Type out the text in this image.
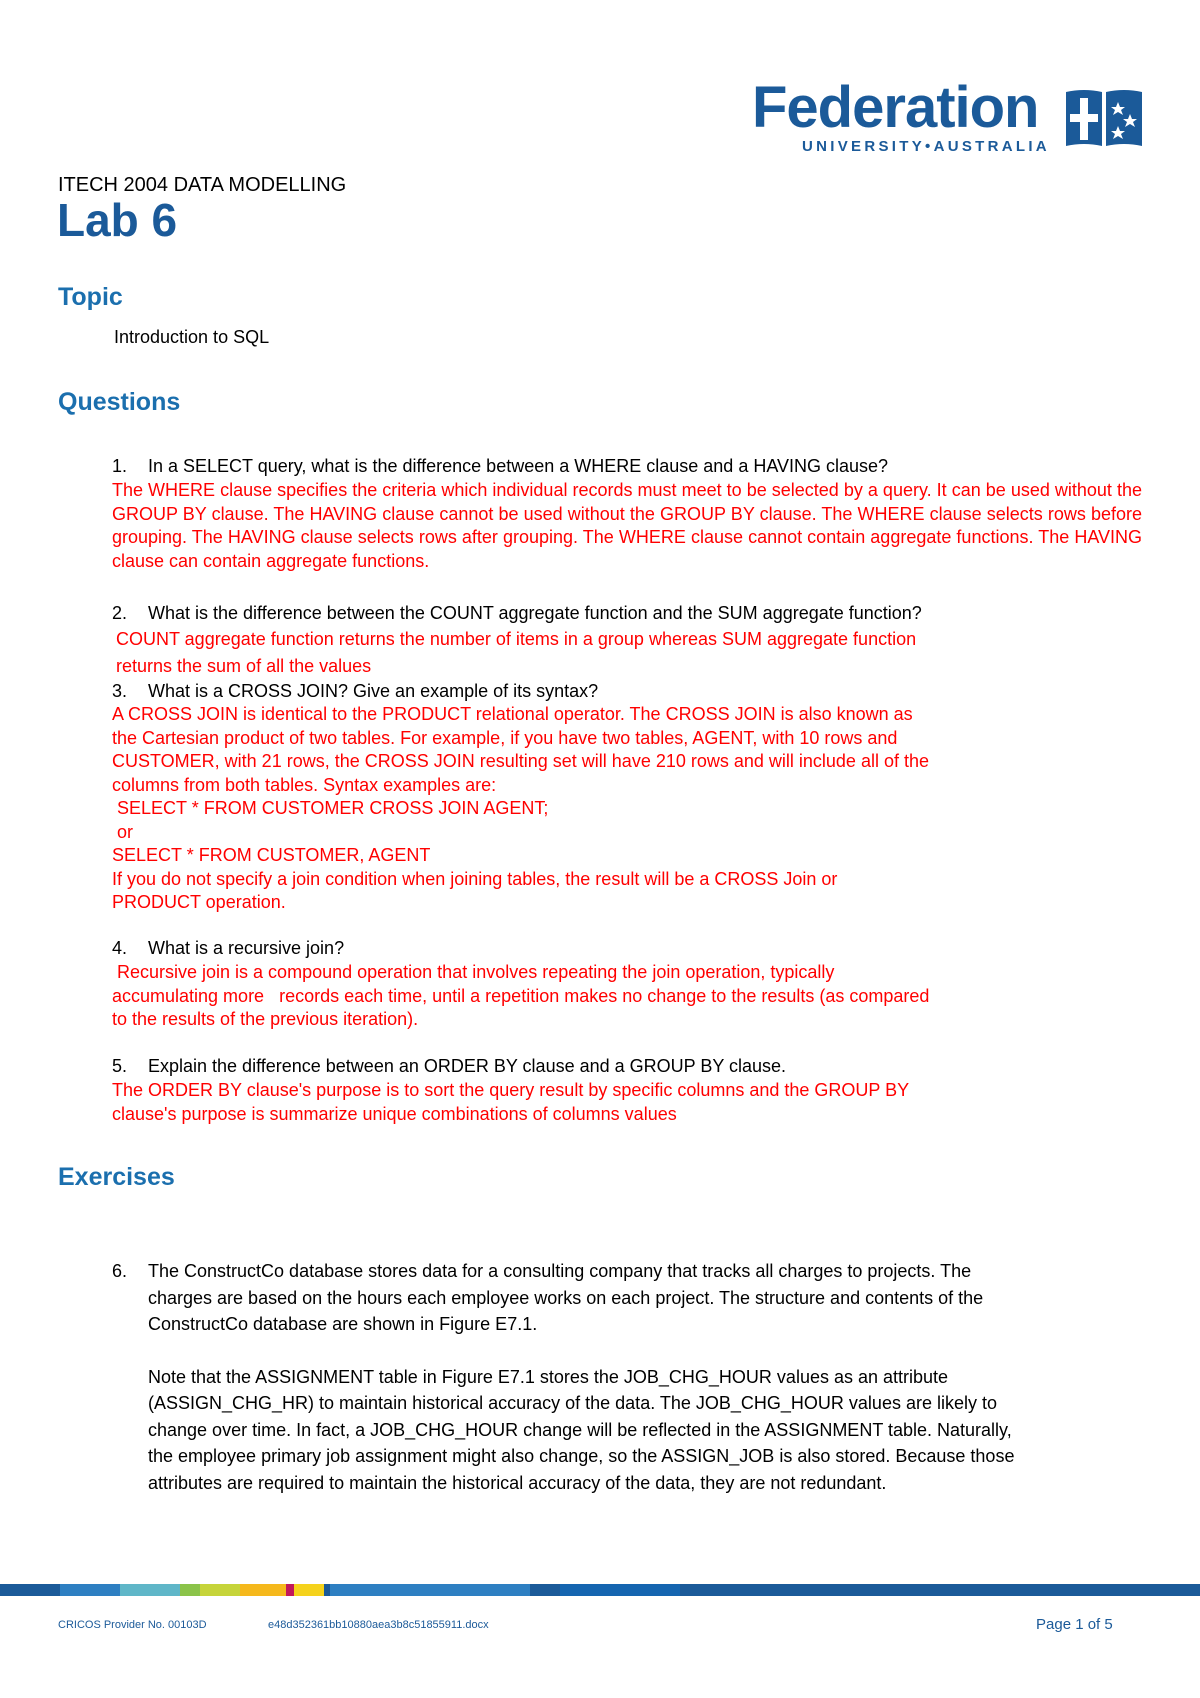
Federation
UNIVERSITY•AUSTRALIA
ITECH 2004 DATA MODELLING
Lab 6
Topic
Introduction to SQL
Questions
1. In a SELECT query, what is the difference between a WHERE clause and a HAVING clause?

The WHERE clause specifies the criteria which individual records must meet to be selected by a query. It can be used without the GROUP BY clause. The HAVING clause cannot be used without the GROUP BY clause. The WHERE clause selects rows before grouping. The HAVING clause selects rows after grouping. The WHERE clause cannot contain aggregate functions. The HAVING clause can contain aggregate functions.

2. What is the difference between the COUNT aggregate function and the SUM aggregate function?

COUNT aggregate function returns the number of items in a group whereas SUM aggregate function

returns the sum of all the values

3. What is a CROSS JOIN? Give an example of its syntax?

A CROSS JOIN is identical to the PRODUCT relational operator. The CROSS JOIN is also known as

the Cartesian product of two tables. For example, if you have two tables, AGENT, with 10 rows and

CUSTOMER, with 21 rows, the CROSS JOIN resulting set will have 210 rows and will include all of the

columns from both tables. Syntax examples are:

SELECT * FROM CUSTOMER CROSS JOIN AGENT;

or

SELECT * FROM CUSTOMER, AGENT

If you do not specify a join condition when joining tables, the result will be a CROSS Join or

PRODUCT operation.

4. What is a recursive join?

Recursive join is a compound operation that involves repeating the join operation, typically

accumulating more   records each time, until a repetition makes no change to the results (as compared

to the results of the previous iteration).

5. Explain the difference between an ORDER BY clause and a GROUP BY clause.

The ORDER BY clause's purpose is to sort the query result by specific columns and the GROUP BY

clause's purpose is summarize unique combinations of columns values

Exercises
6. The ConstructCo database stores data for a consulting company that tracks all charges to projects. The charges are based on the hours each employee works on each project. The structure and contents of the ConstructCo database are shown in Figure E7.1.

Note that the ASSIGNMENT table in Figure E7.1 stores the JOB_CHG_HOUR values as an attribute (ASSIGN_CHG_HR) to maintain historical accuracy of the data. The JOB_CHG_HOUR values are likely to change over time. In fact, a JOB_CHG_HOUR change will be reflected in the ASSIGNMENT table. Naturally, the employee primary job assignment might also change, so the ASSIGN_JOB is also stored. Because those attributes are required to maintain the historical accuracy of the data, they are not redundant.

CRICOS Provider No. 00103D	e48d352361bb10880aea3b8c51855911.docx	Page 1 of 5
